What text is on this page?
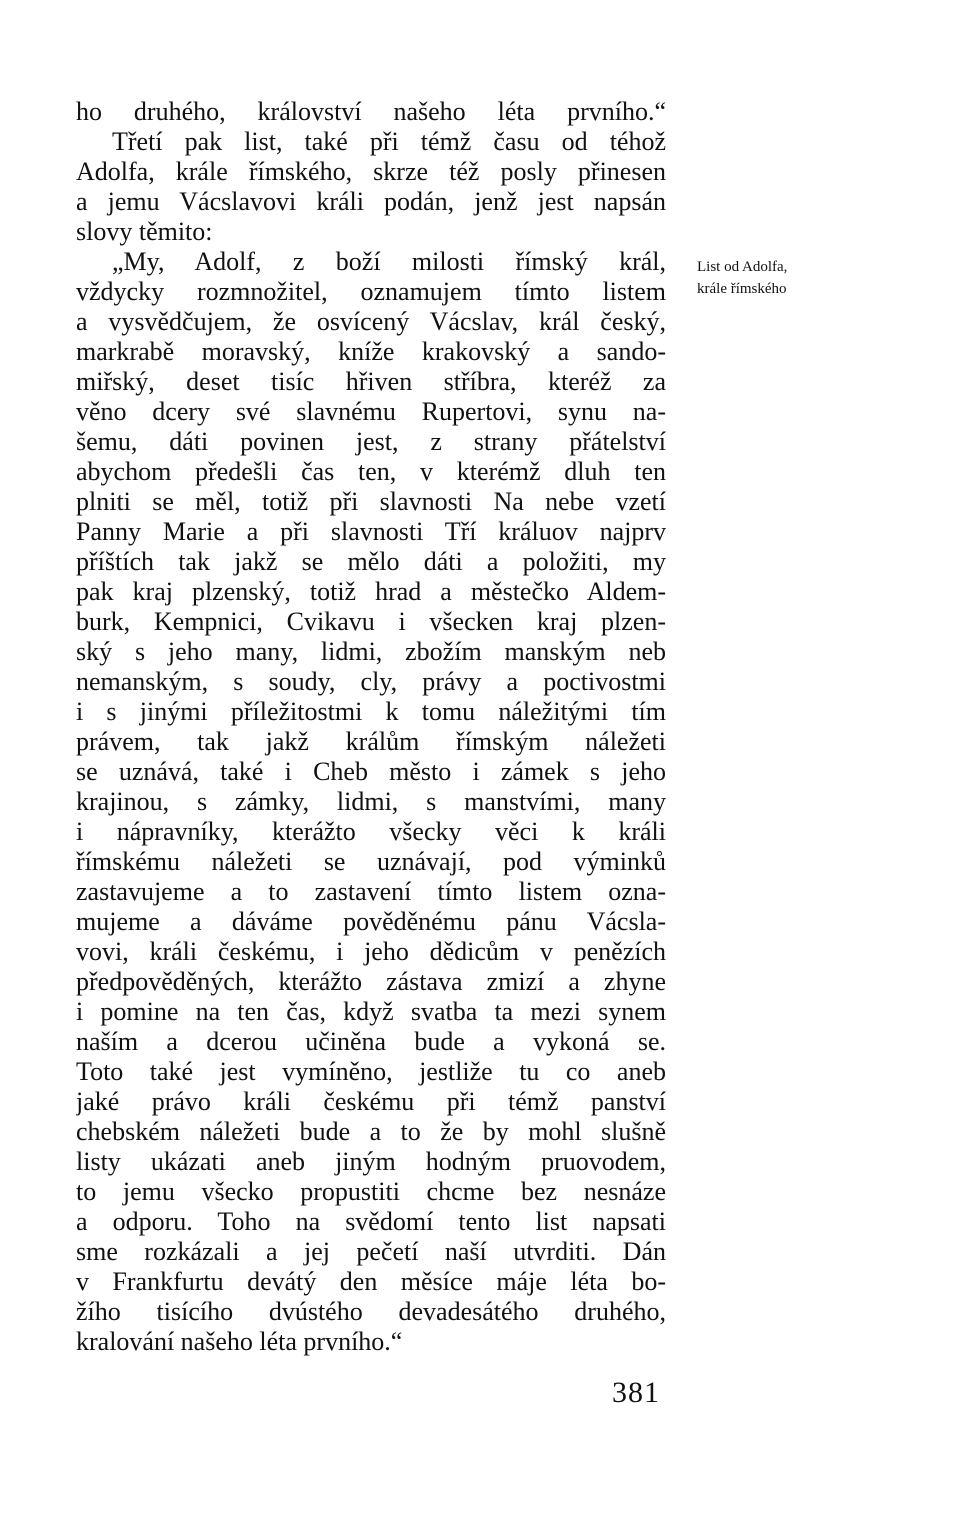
ho druhého, království našeho léta prvního.“
Třetí pak list, také při témž času od téhož
Adolfa, krále římského, skrze též posly přinesen
a jemu Vácslavovi králi podán, jenž jest napsán
slovy těmito:
„My, Adolf, z boží milosti římský král,
vždycky rozmnožitel, oznamujem tímto listem
a vysvědčujem, že osvícený Vácslav, král český,
markrabě moravský, kníže krakovský a sando-
miřský, deset tisíc hřiven stříbra, kteréž za
věno dcery své slavnému Rupertovi, synu na-
šemu, dáti povinen jest, z strany přátelství
abychom předešli čas ten, v kterémž dluh ten
plniti se měl, totiž při slavnosti Na nebe vzetí
Panny Marie a při slavnosti Tří králuov najprv
příštích tak jakž se mělo dáti a položiti, my
pak kraj plzenský, totiž hrad a městečko Aldem-
burk, Kempnici, Cvikavu i všecken kraj plzen-
ský s jeho many, lidmi, zbožím manským neb
nemanským, s soudy, cly, právy a poctivostmi
i s jinými příležitostmi k tomu náležitými tím
právem, tak jakž králům římským náležeti
se uznává, také i Cheb město i zámek s jeho
krajinou, s zámky, lidmi, s manstvími, many
i nápravníky, kterážto všecky věci k králi
římskému náležeti se uznávají, pod výminků
zastavujeme a to zastavení tímto listem ozna-
mujeme a dáváme pověděnému pánu Vácsla-
vovi, králi českému, i jeho dědicům v penězích
předpověděných, kterážto zástava zmizí a zhyne
i pomine na ten čas, když svatba ta mezi synem
naším a dcerou učiněna bude a vykoná se.
Toto také jest vymíněno, jestliže tu co aneb
jaké právo králi českému při témž panství
chebském náležeti bude a to že by mohl slušně
listy ukázati aneb jiným hodným pruovodem,
to jemu všecko propustiti chcme bez nesnáze
a odporu. Toho na svědomí tento list napsati
sme rozkázali a jej pečetí naší utvrditi. Dán
v Frankfurtu devátý den měsíce máje léta bo-
žího tisícího dvústého devadesátého druhého,
kralování našeho léta prvního.“
List od Adolfa,
krále římského
381
